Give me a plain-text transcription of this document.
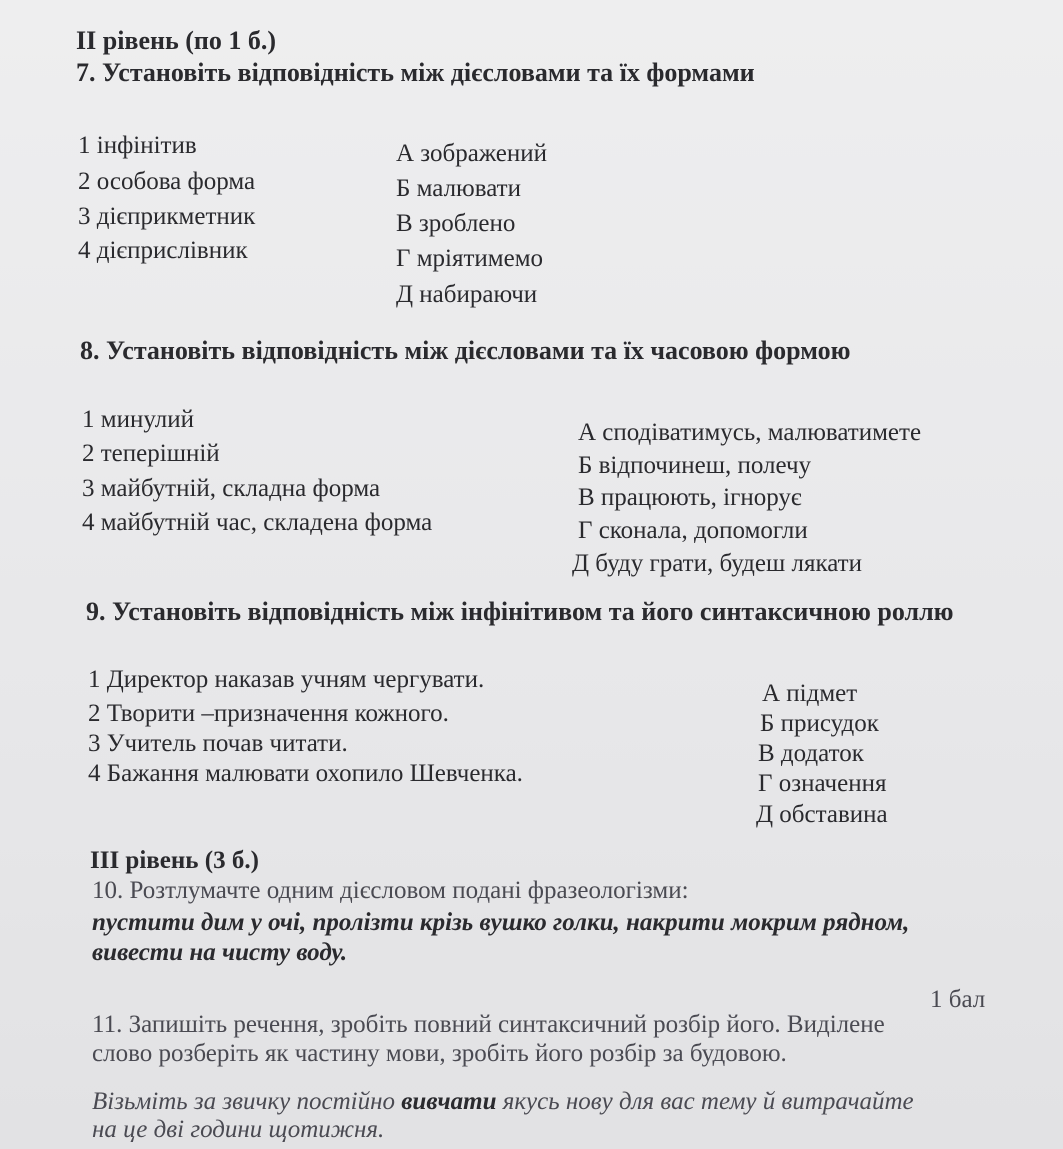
II рівень (по 1 б.)
7. Установіть відповідність між дієсловами та їх формами
1 інфінітив
2 особова форма
3 дієприкметник
4 дієприслівник
А зображений
Б малювати
В зроблено
Г мріятимемо
Д набираючи
8. Установіть відповідність між дієсловами та їх часовою формою
1 минулий
2 теперішній
3 майбутній, складна форма
4 майбутній час, складена форма
А сподіватимусь, малюватимете
Б відпочинеш, полечу
В працюють, ігнорує
Г сконала, допомогли
Д буду грати, будеш лякати
9. Установіть відповідність між інфінітивом та його синтаксичною роллю
1 Директор наказав учням чергувати.
2 Творити –призначення кожного.
3 Учитель почав читати.
4 Бажання малювати охопило Шевченка.
А підмет
Б присудок
В додаток
Г означення
Д обставина
III рівень (3 б.)
10. Розтлумачте одним дієсловом подані фразеологізми:
пустити дим у очі, пролізти крізь вушко голки, накрити мокрим рядном,
вивести на чисту воду.
1 бал
11. Запишіть речення, зробіть повний синтаксичний розбір його. Виділене
слово розберіть як частину мови, зробіть його розбір за будовою.
Візьміть за звичку постійно вивчати якусь нову для вас тему й витрачайте
на це дві години щотижня.
